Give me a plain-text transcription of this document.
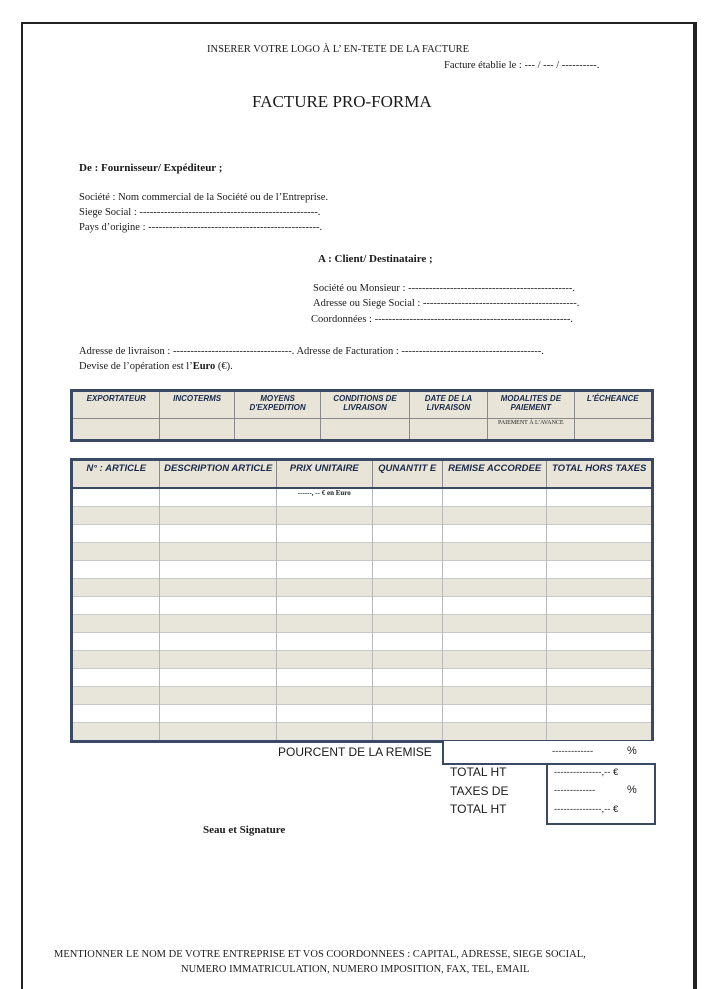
INSERER VOTRE LOGO À L’ EN-TETE DE LA FACTURE
Facture établie le : --- / --- / ----------.
FACTURE PRO-FORMA
De : Fournisseur/ Expéditeur ;
Société : Nom commercial de la Société ou de l’Entreprise.
Siege Social : ---------------------------------------------------.
Pays d’origine : -------------------------------------------------.
A : Client/ Destinataire ;
Société ou Monsieur : -----------------------------------------------.
Adresse ou Siege Social : --------------------------------------------.
Coordonnées : --------------------------------------------------------.
Adresse de livraison : ----------------------------------. Adresse de Facturation : ----------------------------------------.
Devise de l’opération est l’Euro (€).
EXPORTATEUR	INCOTERMS	MOYENS D'EXPEDITION	CONDITIONS DE LIVRAISON	DATE DE LA LIVRAISON	MODALITES DE PAIEMENT	L'ÉCHEANCE
					PAIEMENT À L’AVANCE	
N° : ARTICLE	DESCRIPTION ARTICLE	PRIX UNITAIRE	QUNANTIT E	REMISE ACCORDEE	TOTAL HORS TAXES
		------, -- € en Euro			

POURCENT DE LA REMISE	-------------	%
TOTAL HT	---------------,-- €
TAXES DE	-------------	%
TOTAL HT	---------------,-- €
Seau et Signature
MENTIONNER LE NOM DE VOTRE ENTREPRISE ET VOS COORDONNEES : CAPITAL, ADRESSE, SIEGE SOCIAL,
NUMERO IMMATRICULATION, NUMERO IMPOSITION, FAX, TEL, EMAIL
